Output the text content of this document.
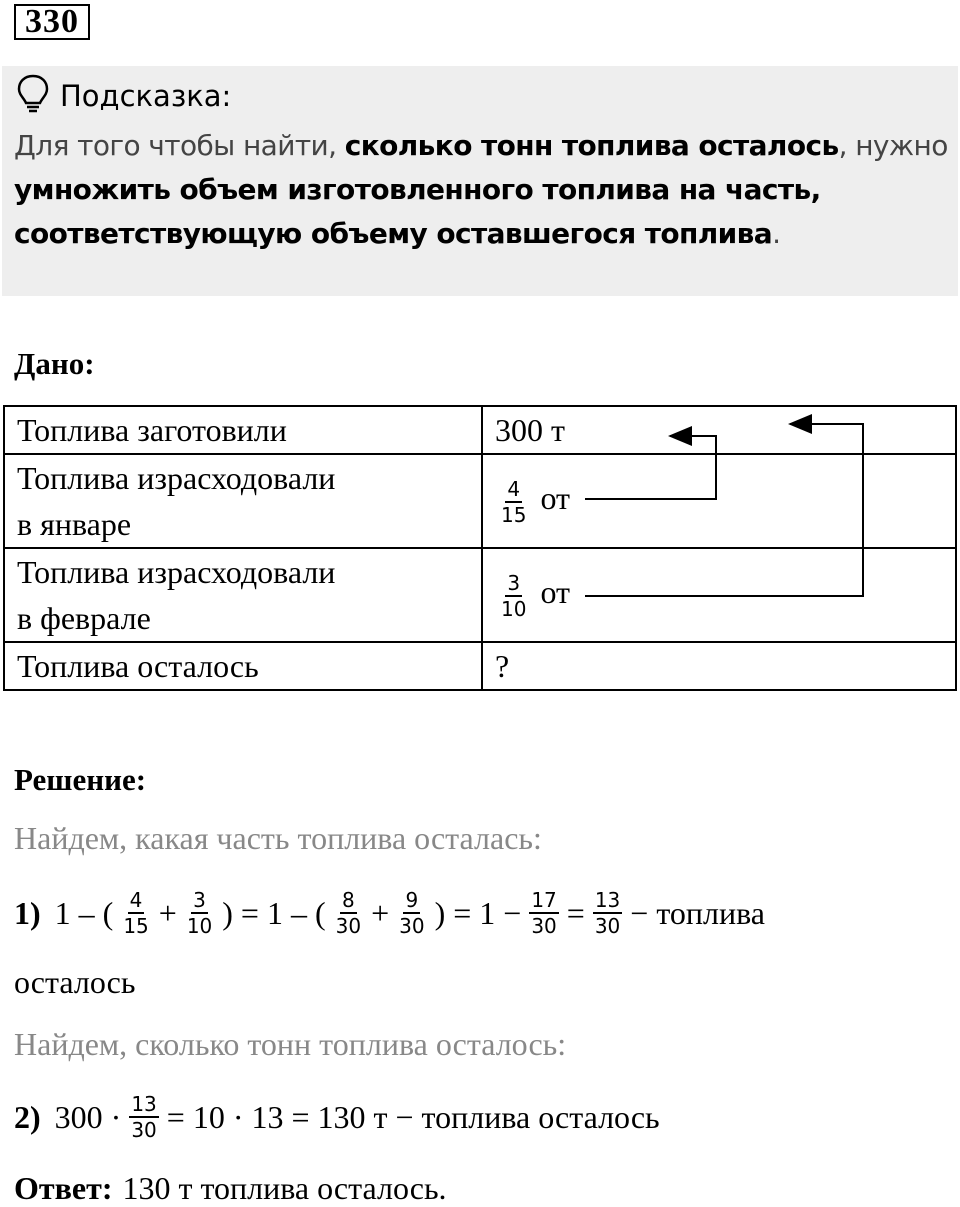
330
Подсказка:
Для того чтобы найти, сколько тонн топлива осталось, нужно умножить объем изготовленного топлива на часть, соответствующую объему оставшегося топлива.
Дано:
Топлива заготовили	300 т
Топлива израсходовали
в январе	$\frac{4}{15}$ от
Топлива израсходовали
в феврале	$\frac{3}{10}$ от
Топлива осталось	?
Решение:
Найдем, какая часть топлива осталась:
1) 1 – ( $\frac{4}{15} + \frac{3}{10}$ ) = 1 – ( $\frac{8}{30} + \frac{9}{30}$ ) = $1 - \frac{17}{30} = \frac{13}{30}$ − топлива
осталось
Найдем, сколько тонн топлива осталось:
2) $300 \cdot \frac{13}{30} = 10 \cdot 13 = 130$ т − топлива осталось
Ответ: 130 т топлива осталось.
